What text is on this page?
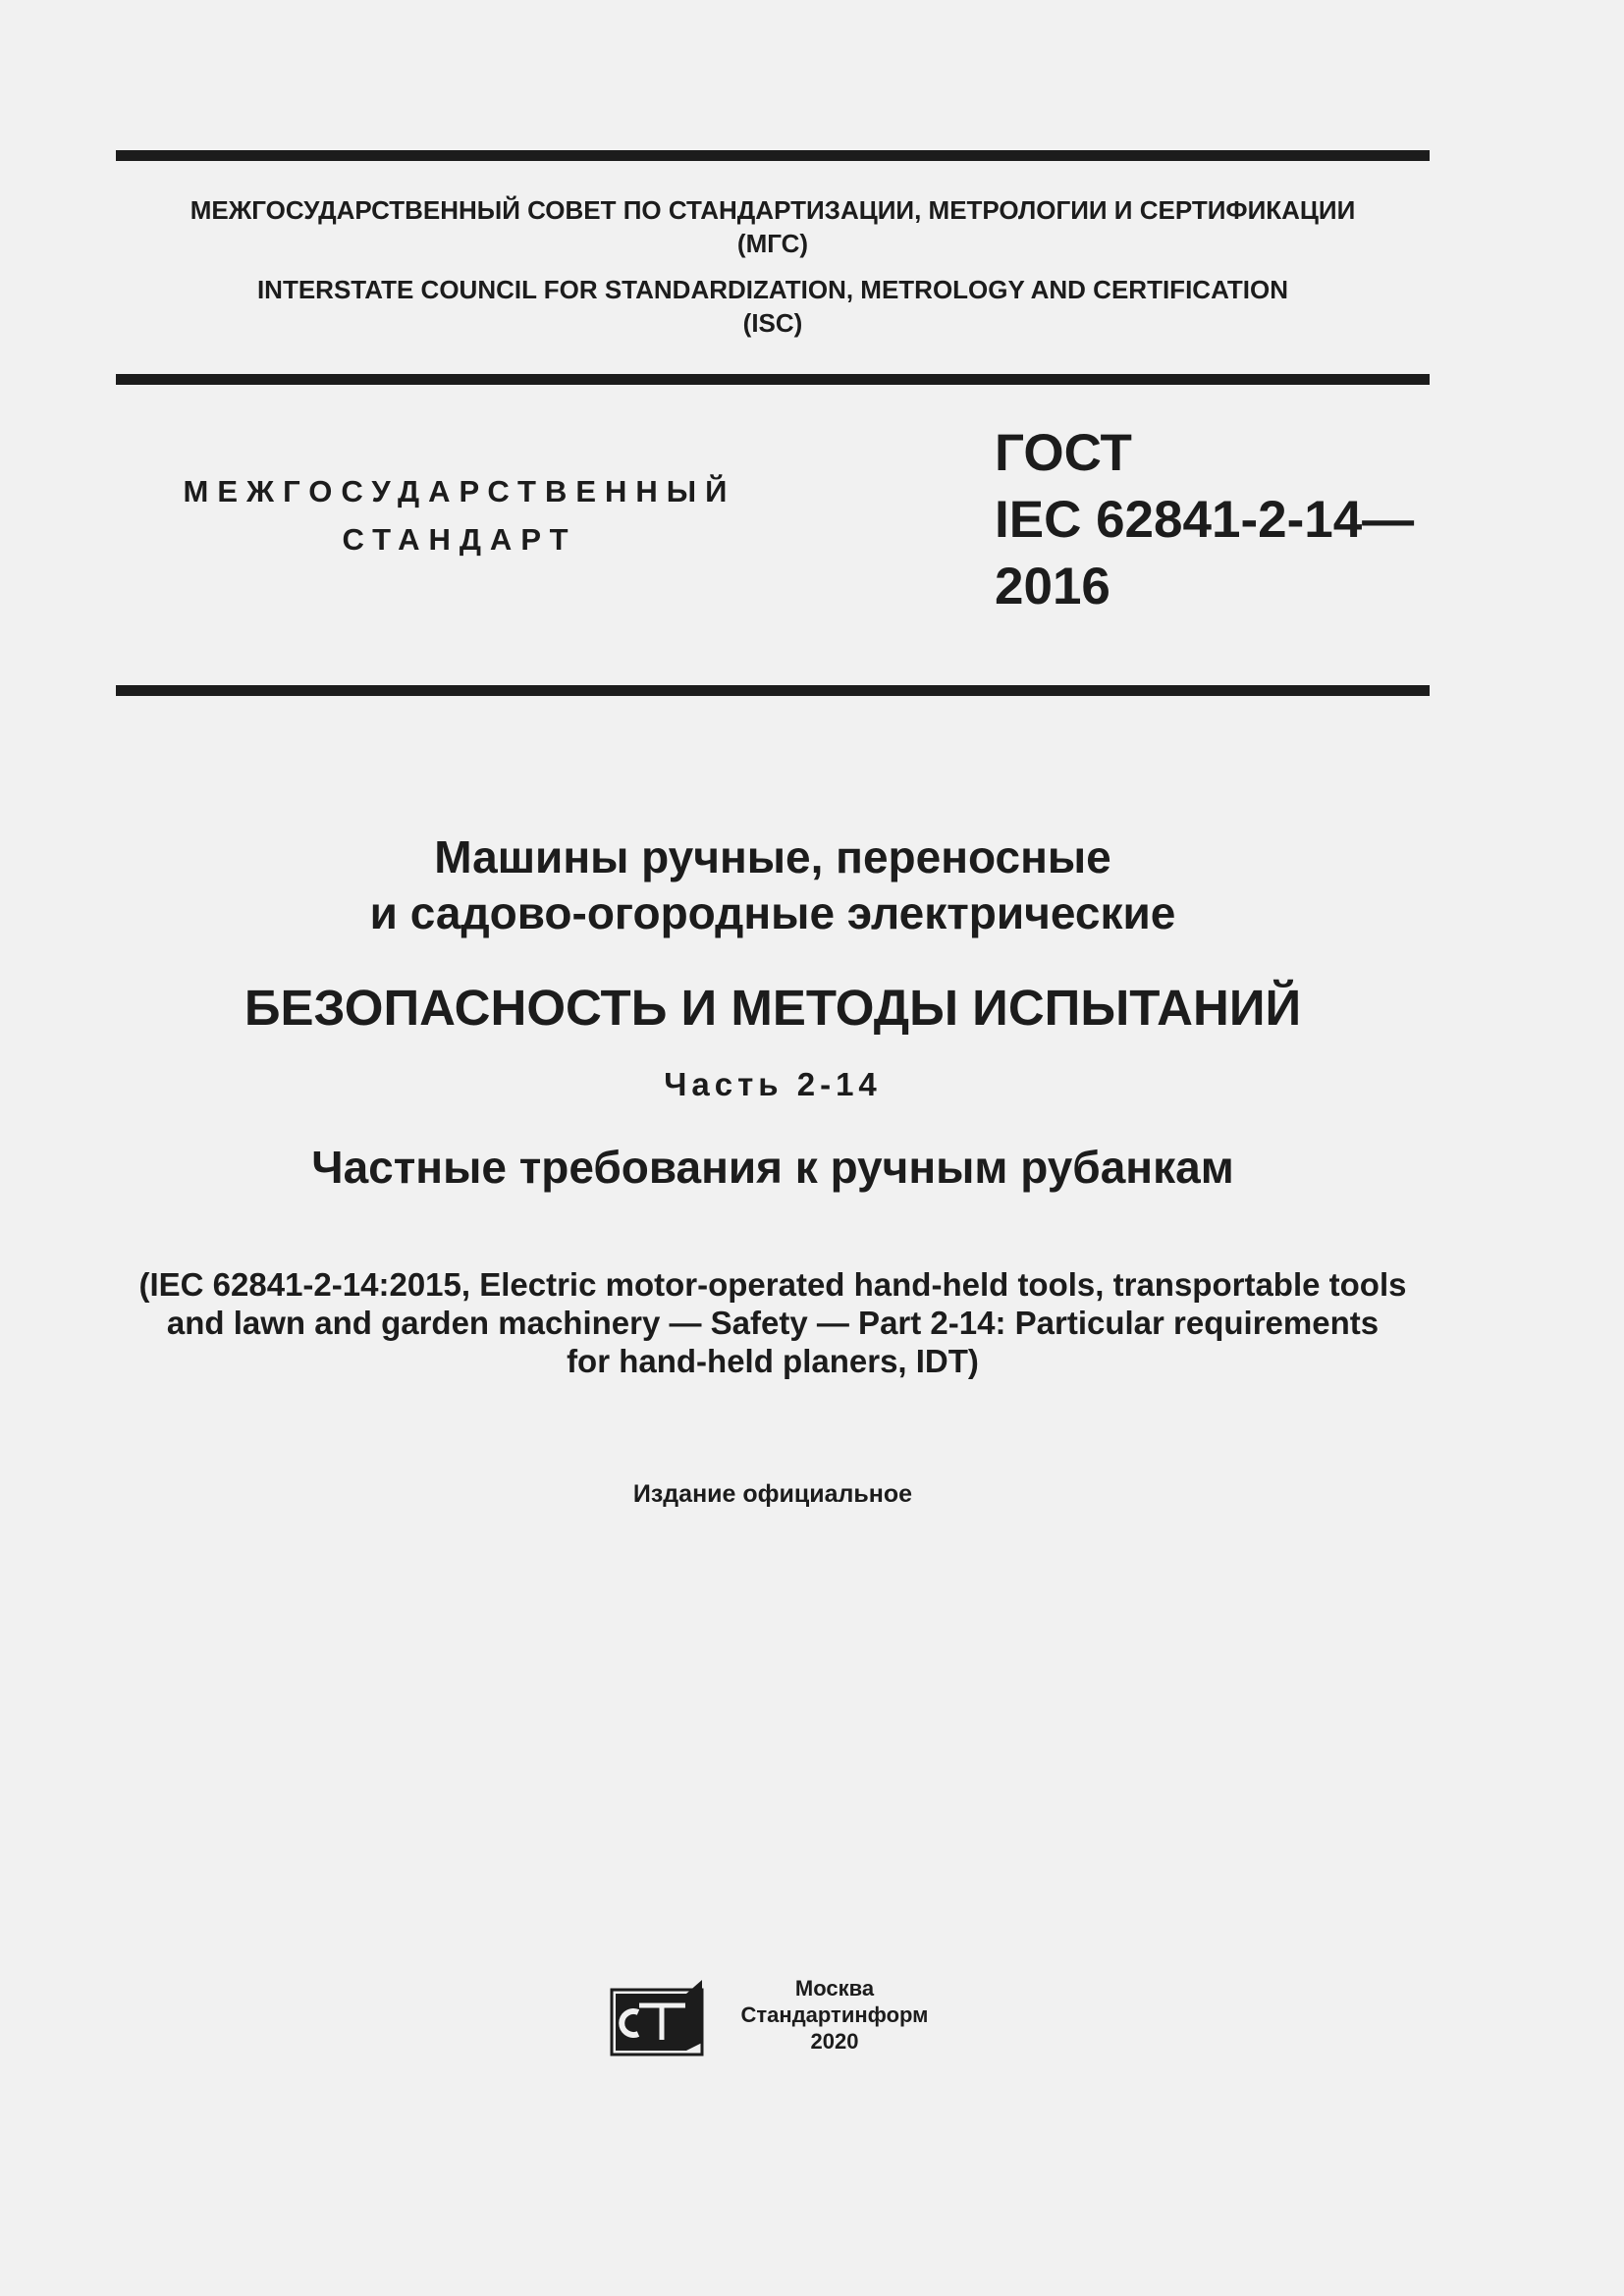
МЕЖГОСУДАРСТВЕННЫЙ СОВЕТ ПО СТАНДАРТИЗАЦИИ, МЕТРОЛОГИИ И СЕРТИФИКАЦИИ
(МГС)
INTERSTATE COUNCIL FOR STANDARDIZATION, METROLOGY AND CERTIFICATION
(ISC)
МЕЖГОСУДАРСТВЕННЫЙ
СТАНДАРТ
ГОСТ
IEC 62841-2-14—
2016
Машины ручные, переносные
и садово-огородные электрические
БЕЗОПАСНОСТЬ И МЕТОДЫ ИСПЫТАНИЙ
Часть 2-14
Частные требования к ручным рубанкам
(IEC 62841-2-14:2015, Electric motor-operated hand-held tools, transportable tools
and lawn and garden machinery — Safety — Part 2-14: Particular requirements
for hand-held planers, IDT)
Издание официальное
Москва
Стандартинформ
2020
